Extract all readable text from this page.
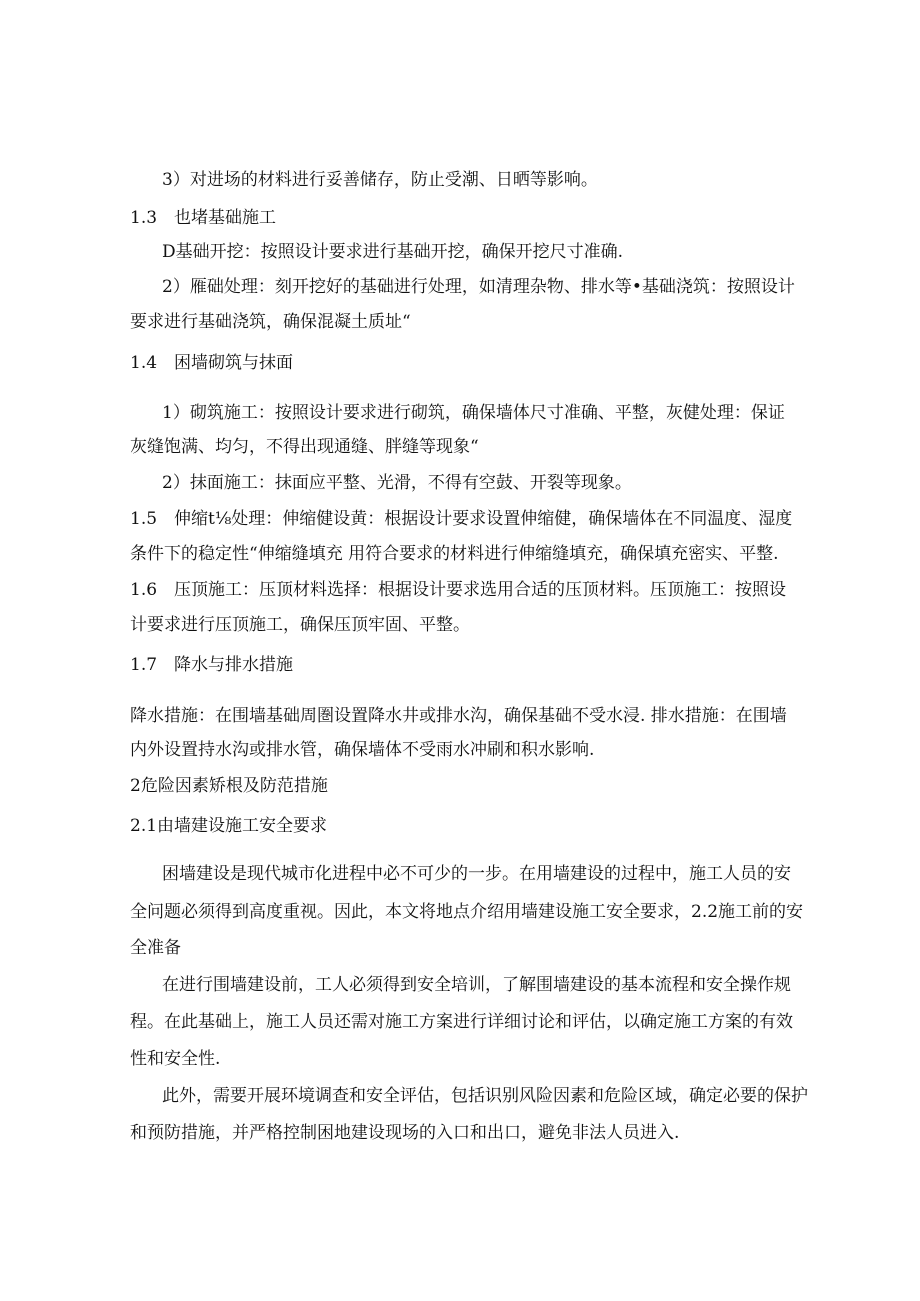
3）对进场的材料进行妥善储存，防止受潮、日晒等影响。
1.3 也堵基础施工
D基础开挖：按照设计要求进行基础开挖，确保开挖尺寸准确.
2）雁础处理：刻开挖好的基础进行处理，如清理杂物、排水等•基础浇筑：按照设计
要求进行基础浇筑，确保混凝土质址“
1.4 困墙砌筑与抹面
1）砌筑施工：按照设计要求进行砌筑，确保墙体尺寸准确、平整，灰健处理：保证
灰缝饱满、均匀，不得出现通缝、胖缝等现象“
2）抹面施工：抹面应平整、光滑，不得有空鼓、开裂等现象。
1.5 伸缩t⅛处理：伸缩健设黄：根据设计要求设置伸缩健，确保墙体在不同温度、湿度
条件下的稳定性“伸缩缝填充 用符合要求的材料进行伸缩缝填充，确保填充密实、平整.
1.6 压顶施工：压顶材料选择：根据设计要求选用合适的压顶材料。压顶施工：按照设
计要求进行压顶施工，确保压顶牢固、平整。
1.7 降水与排水措施
降水措施：在围墙基础周圏设置降水井或排水沟，确保基础不受水浸. 排水措施：在围墙
内外设置持水沟或排水管，确保墙体不受雨水冲刷和积水影响.
2危险因素矫根及防范措施
2.1由墙建设施工安全要求
困墙建设是现代城市化进程中必不可少的一步。在用墙建设的过程中，施工人员的安
全问题必须得到高度重视。因此，本文将地点介绍用墙建设施工安全要求，2.2施工前的安
全准备
在进行围墙建设前，工人必须得到安全培训，了解围墙建设的基本流程和安全操作规
程。在此基础上，施工人员还需对施工方案进行详细讨论和评估，以确定施工方案的有效
性和安全性.
此外，需要开展环境调查和安全评估，包括识别风险因素和危险区域，确定必要的保护
和预防措施，并严格控制困地建设现场的入口和出口，避免非法人员进入.
